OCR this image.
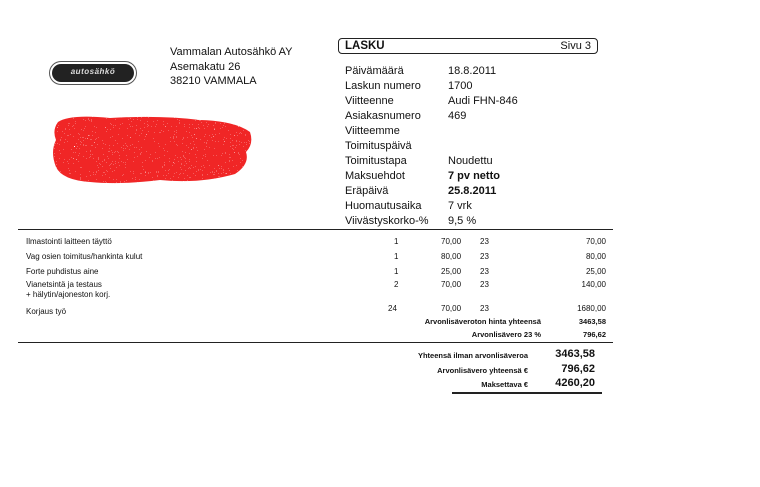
autosähkö
Vammalan Autosähkö AY
Asemakatu 26
38210 VAMMALA
LASKU	Sivu 3
Päivämäärä	18.8.2011
Laskun numero	1700
Viitteenne	Audi FHN-846
Asiakasnumero	469
Viitteemme
Toimituspäivä
Toimitustapa	Noudettu
Maksuehdot	7 pv netto
Eräpäivä	25.8.2011
Huomautusaika	7 vrk
Viivästyskorko-%	9,5 %
Ilmastointi laitteen täyttö	1	70,00 23	70,00
Vag osien toimitus/hankinta kulut	1	80,00 23	80,00
Forte puhdistus aine	1	25,00 23	25,00
Vianetsintä ja testaus
+ hälytin/ajoneston korj.
2	70,00 23	140,00
Korjaus työ	24	70,00 23	1680,00
Arvonlisäveroton hinta yhteensä	3463,58
Arvonlisävero 23 %	796,62
Yhteensä ilman arvonlisäveroa 3463,58
Arvonlisävero yhteensä €	796,62
Maksettava € 4260,20
